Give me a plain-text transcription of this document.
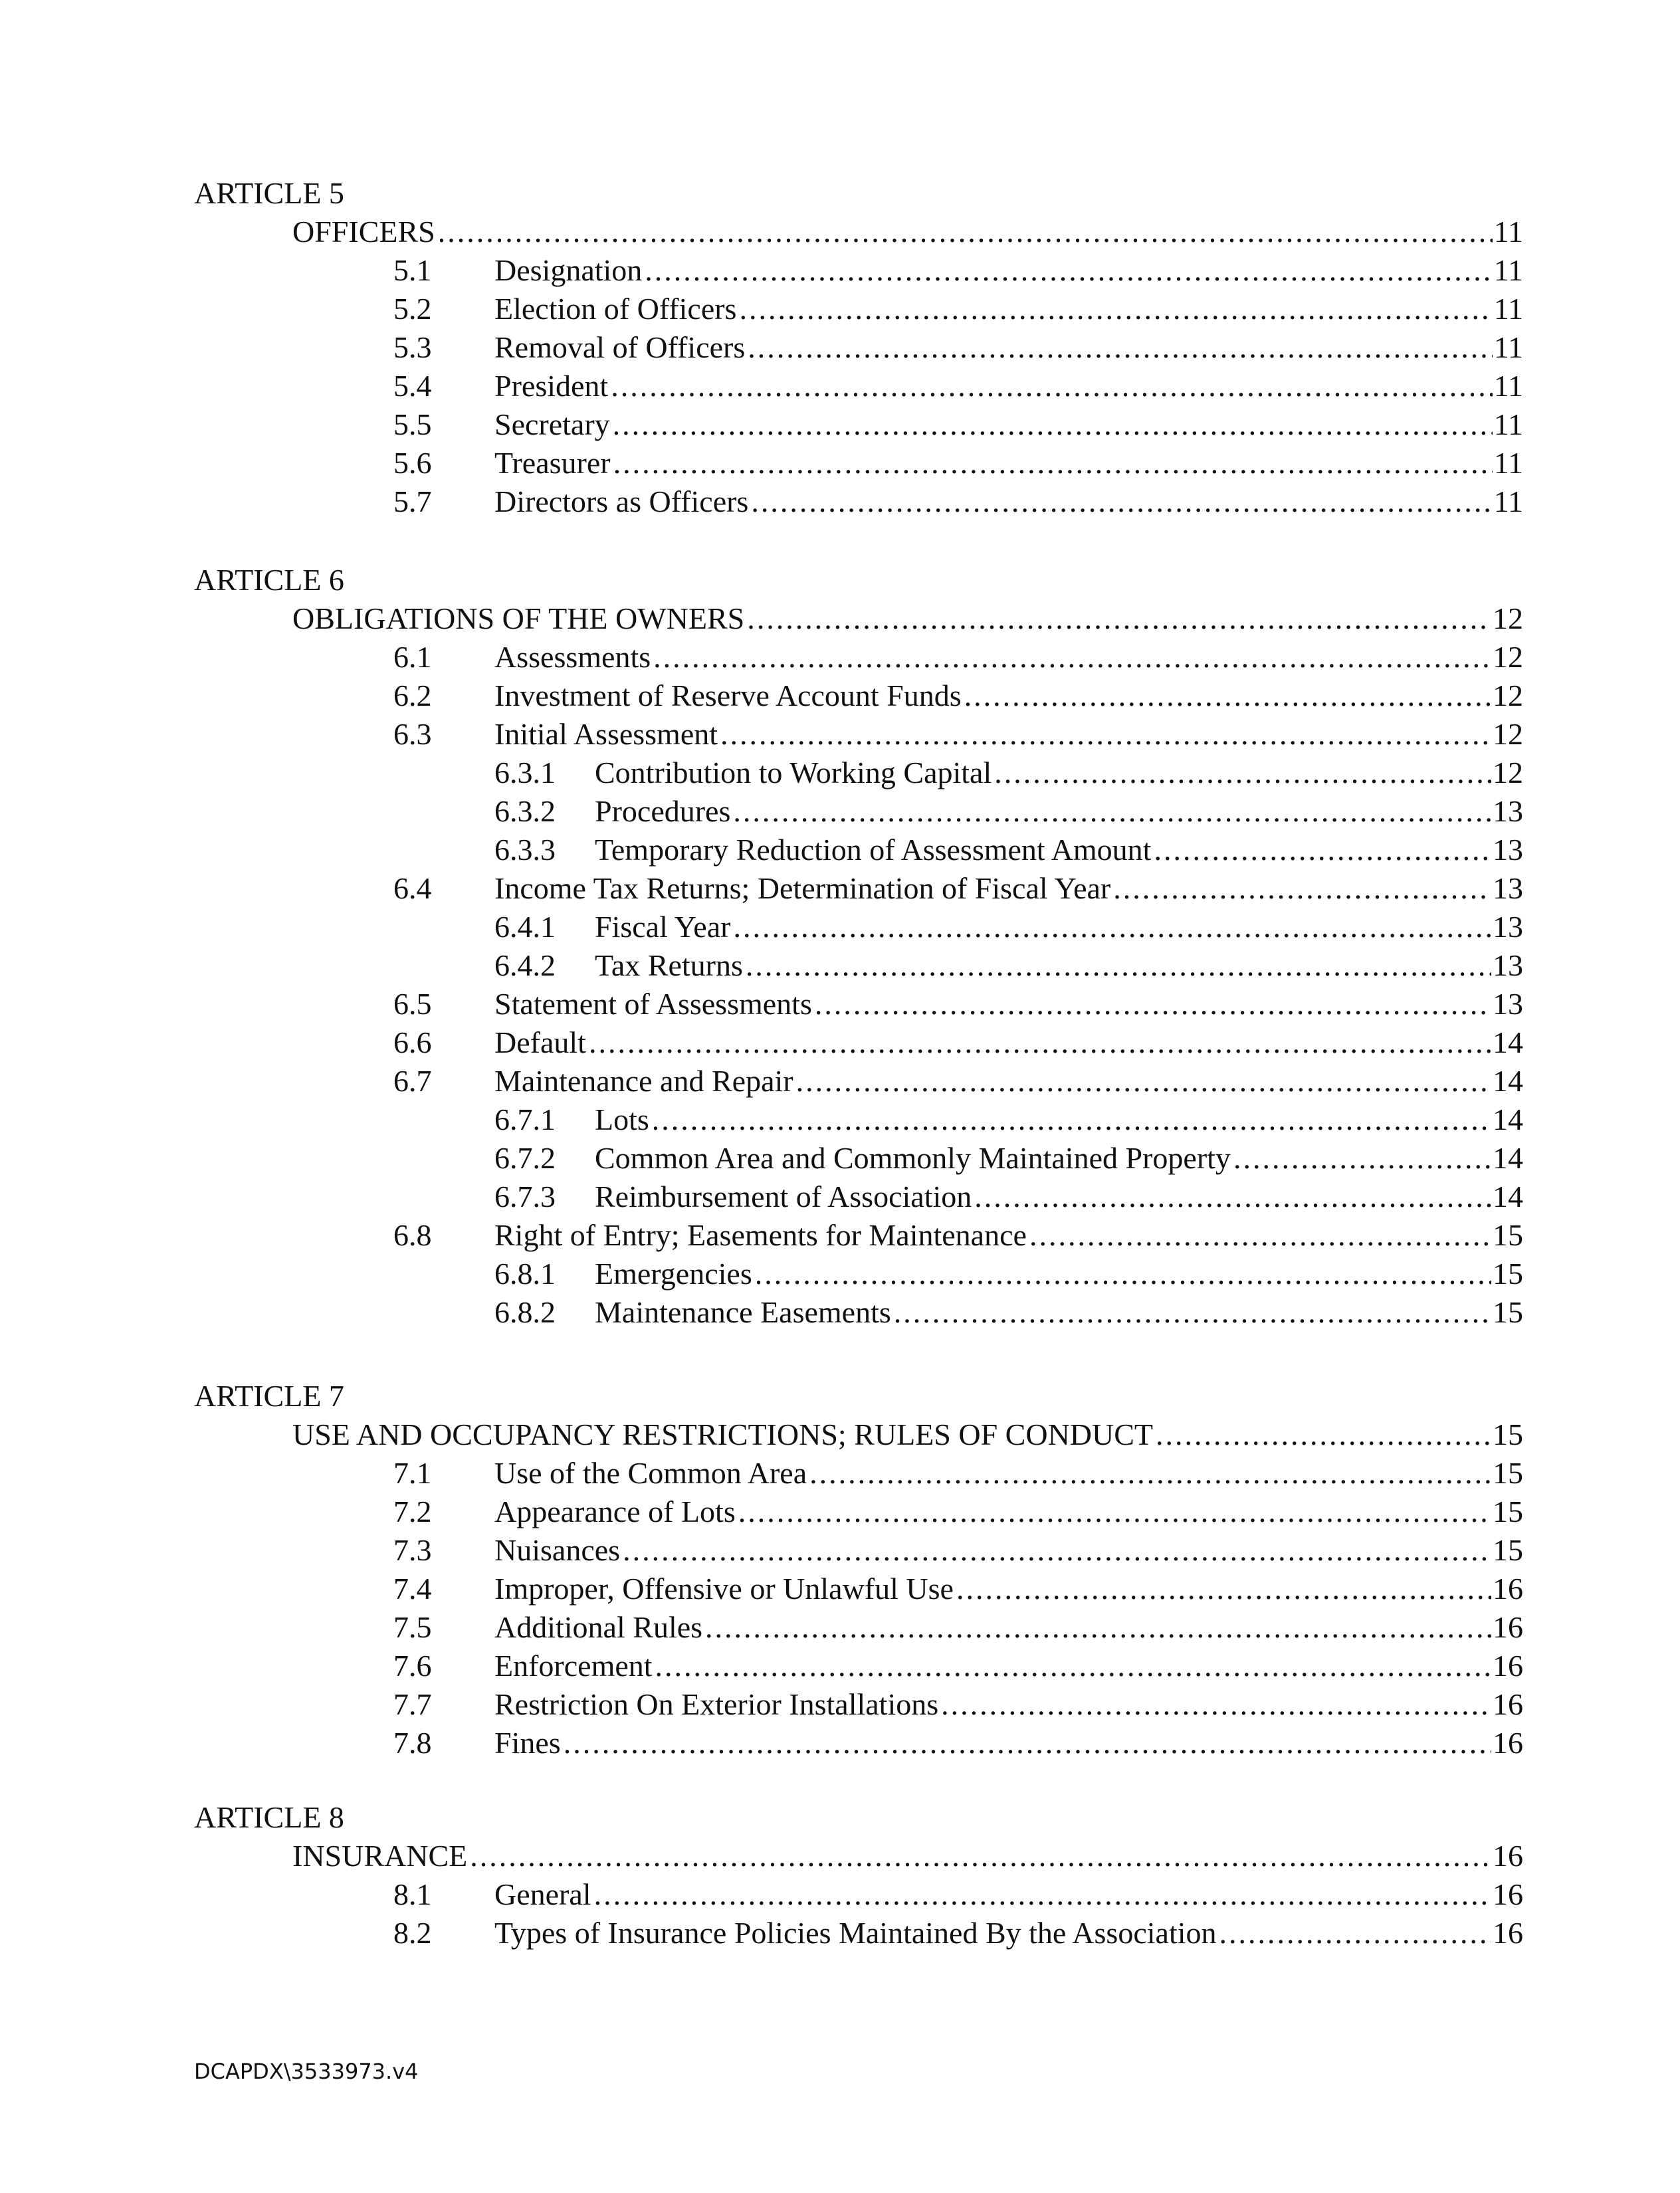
ARTICLE 5
OFFICERS .....	11
5.1 Designation .....	11
5.2 Election of Officers .....	11
5.3 Removal of Officers .....	11
5.4 President .....	11
5.5 Secretary .....	11
5.6 Treasurer .....	11
5.7 Directors as Officers .....	11
ARTICLE 6
OBLIGATIONS OF THE OWNERS .....	12
6.1 Assessments .....	12
6.2 Investment of Reserve Account Funds .....	12
6.3 Initial Assessment .....	12
6.3.1 Contribution to Working Capital .....	12
6.3.2 Procedures .....	13
6.3.3 Temporary Reduction of Assessment Amount .....	13
6.4 Income Tax Returns; Determination of Fiscal Year .....	13
6.4.1 Fiscal Year .....	13
6.4.2 Tax Returns .....	13
6.5 Statement of Assessments .....	13
6.6 Default .....	14
6.7 Maintenance and Repair .....	14
6.7.1 Lots .....	14
6.7.2 Common Area and Commonly Maintained Property .....	14
6.7.3 Reimbursement of Association .....	14
6.8 Right of Entry; Easements for Maintenance .....	15
6.8.1 Emergencies .....	15
6.8.2 Maintenance Easements .....	15
ARTICLE 7
USE AND OCCUPANCY RESTRICTIONS; RULES OF CONDUCT .....	15
7.1 Use of the Common Area .....	15
7.2 Appearance of Lots .....	15
7.3 Nuisances .....	15
7.4 Improper, Offensive or Unlawful Use .....	16
7.5 Additional Rules .....	16
7.6 Enforcement .....	16
7.7 Restriction On Exterior Installations .....	16
7.8 Fines .....	16
ARTICLE 8
INSURANCE .....	16
8.1 General .....	16
8.2 Types of Insurance Policies Maintained By the Association .....	16
DCAPDX\3533973.v4
